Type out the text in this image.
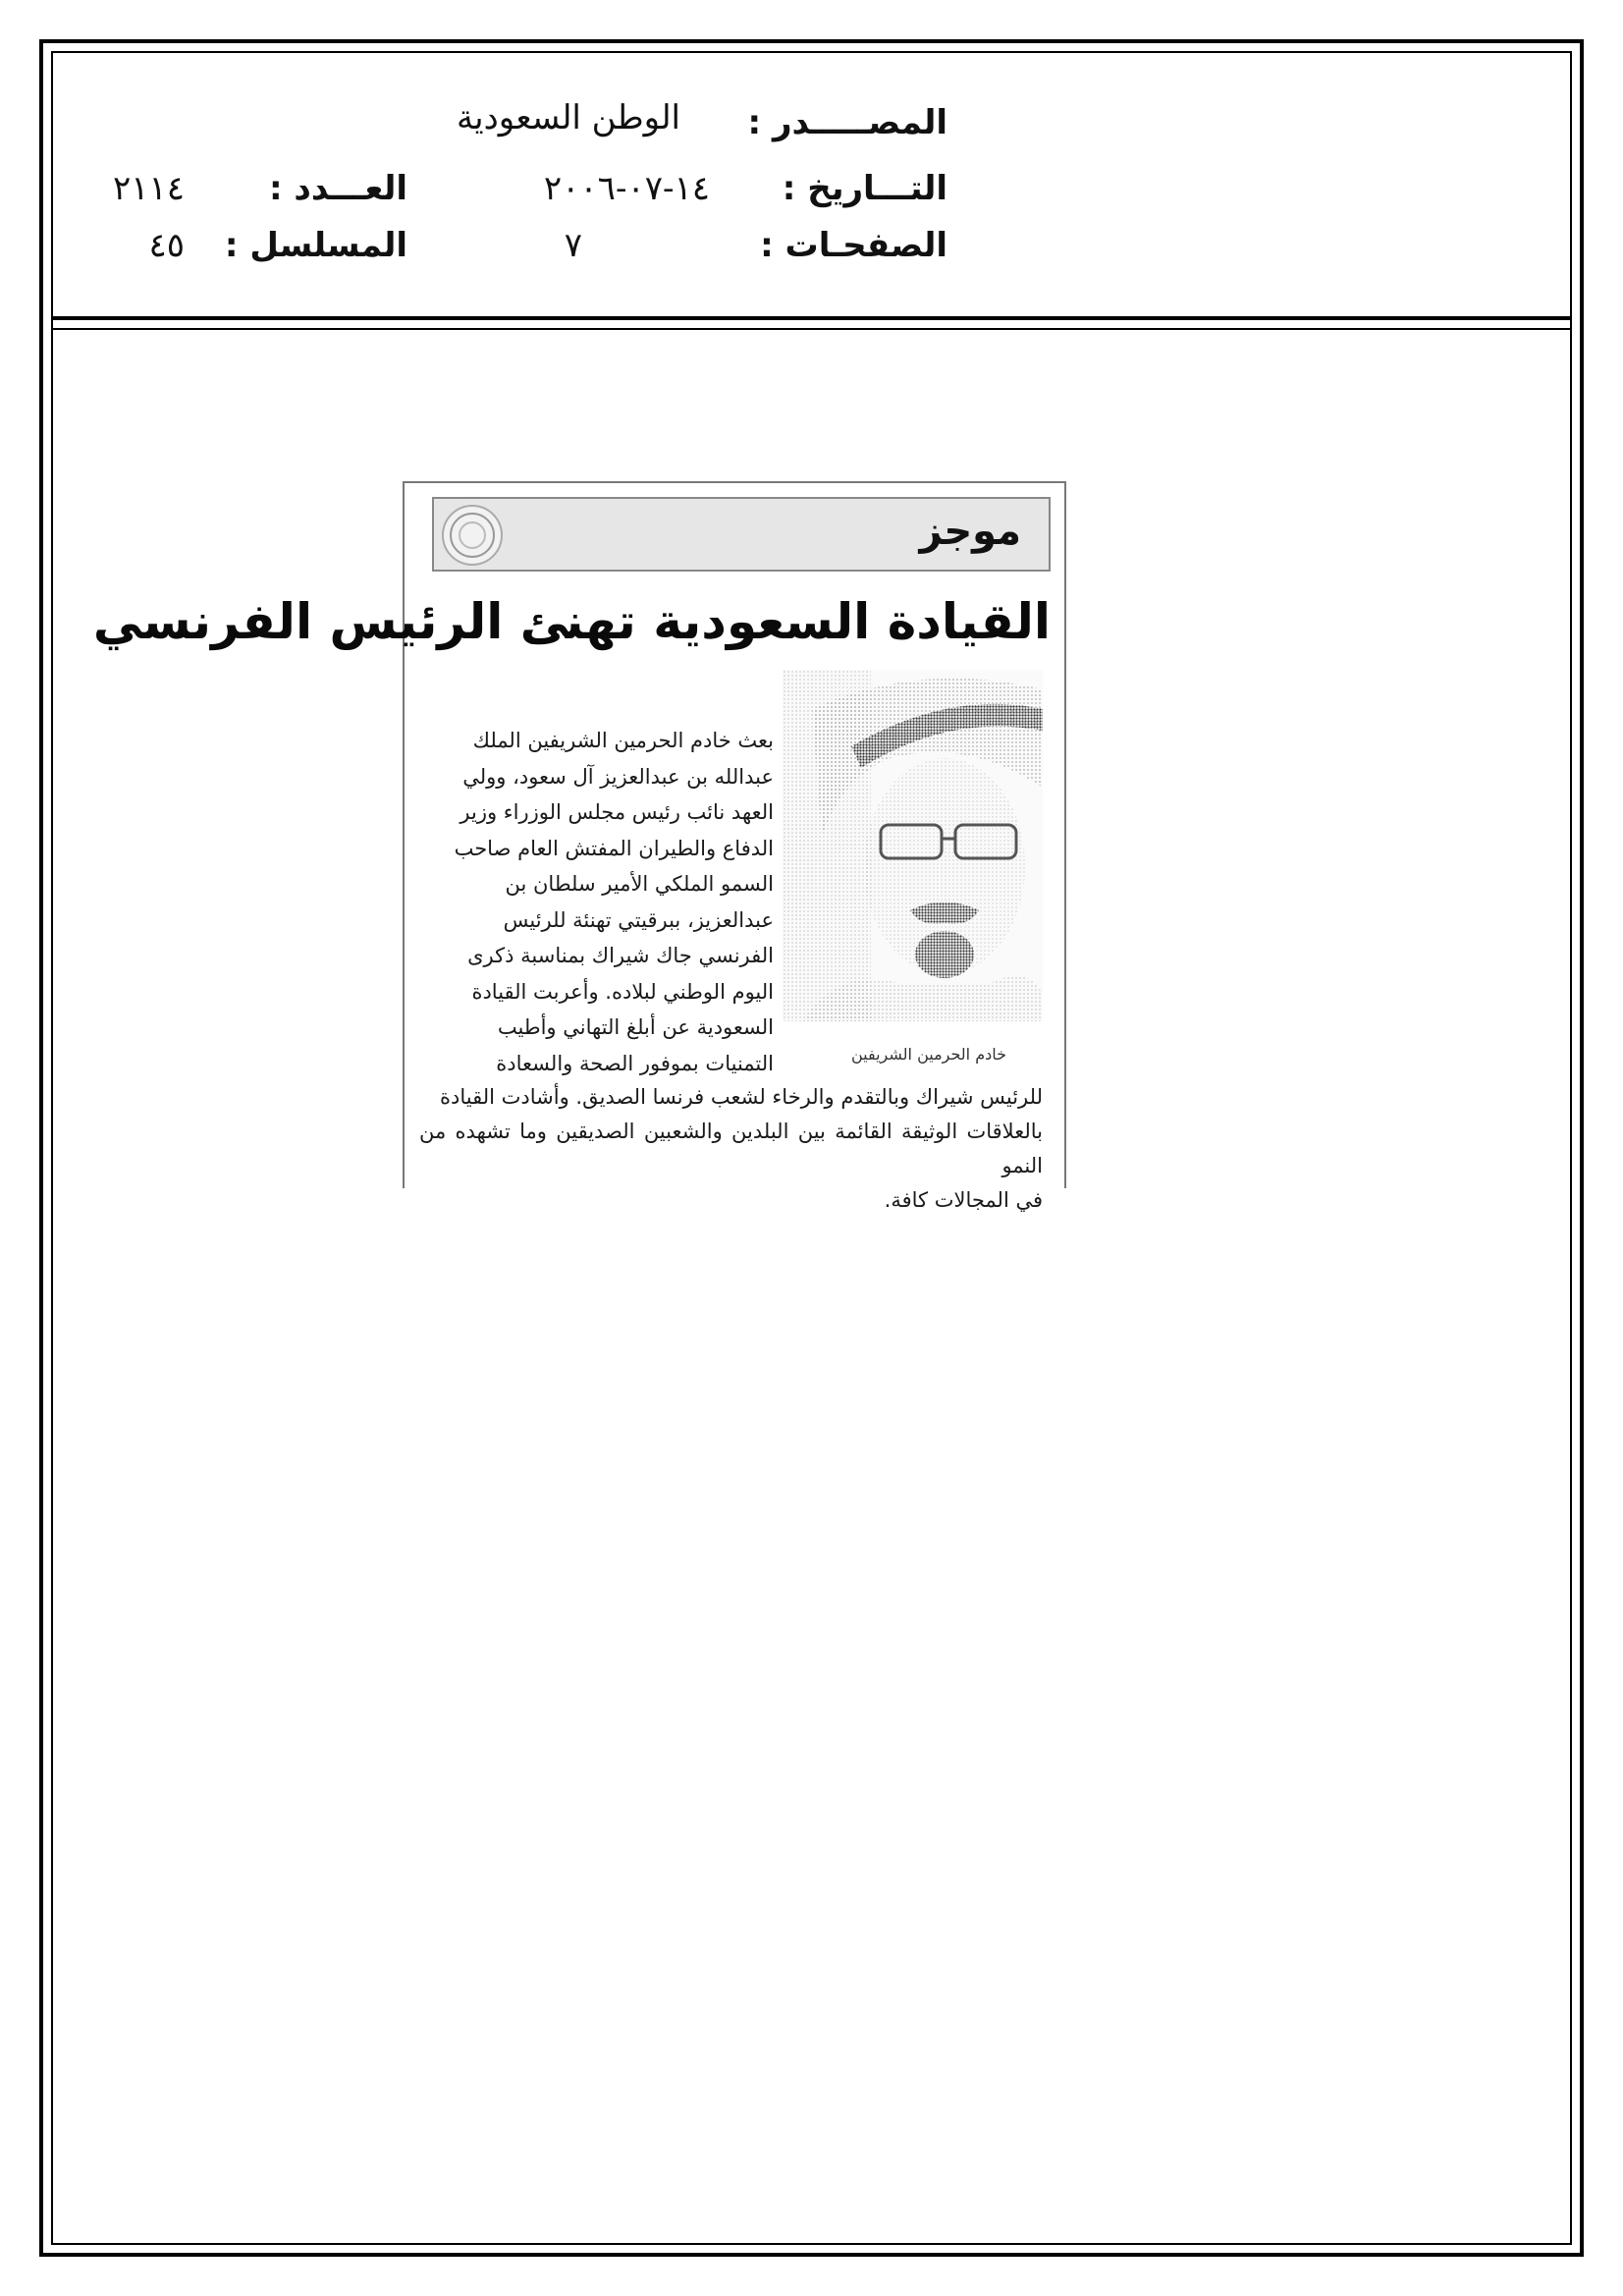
المصـــــدر :
الوطن السعودية
التـــاريخ :
١٤-٠٧-٢٠٠٦
العـــدد :
٢١١٤
الصفحـات :
٧
المسلسل :
٤٥
موجز
القيادة السعودية تهنئ الرئيس الفرنسي
خادم الحرمين الشريفين

بعث خادم الحرمين الشريفين الملك

عبدالله بن عبدالعزيز آل سعود، وولي

العهد نائب رئيس مجلس الوزراء وزير

الدفاع والطيران المفتش العام صاحب

السمو الملكي الأمير سلطان بن

عبدالعزيز، ببرقيتي تهنئة للرئيس

الفرنسي جاك شيراك بمناسبة ذكرى

اليوم الوطني لبلاده. وأعربت القيادة

السعودية عن أبلغ التهاني وأطيب

التمنيات بموفور الصحة والسعادة

للرئيس شيراك وبالتقدم والرخاء لشعب فرنسا الصديق. وأشادت القيادة

بالعلاقات الوثيقة القائمة بين البلدين والشعبين الصديقين وما تشهده من النمو

في المجالات كافة.
